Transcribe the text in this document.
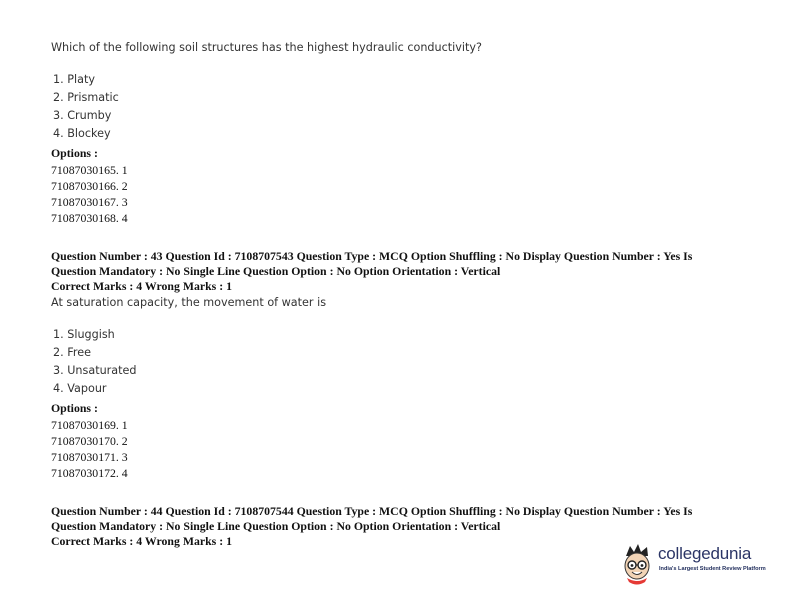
Which of the following soil structures has the highest hydraulic conductivity?
1. Platy
2. Prismatic
3. Crumby
4. Blockey
Options :
71087030165. 1
71087030166. 2
71087030167. 3
71087030168. 4
Question Number : 43 Question Id : 7108707543 Question Type : MCQ Option Shuffling : No Display Question Number : Yes Is
Question Mandatory : No Single Line Question Option : No Option Orientation : Vertical
Correct Marks : 4 Wrong Marks : 1
At saturation capacity, the movement of water is
1. Sluggish
2. Free
3. Unsaturated
4. Vapour
Options :
71087030169. 1
71087030170. 2
71087030171. 3
71087030172. 4
Question Number : 44 Question Id : 7108707544 Question Type : MCQ Option Shuffling : No Display Question Number : Yes Is
Question Mandatory : No Single Line Question Option : No Option Orientation : Vertical
Correct Marks : 4 Wrong Marks : 1
collegedunia
India's Largest Student Review Platform
